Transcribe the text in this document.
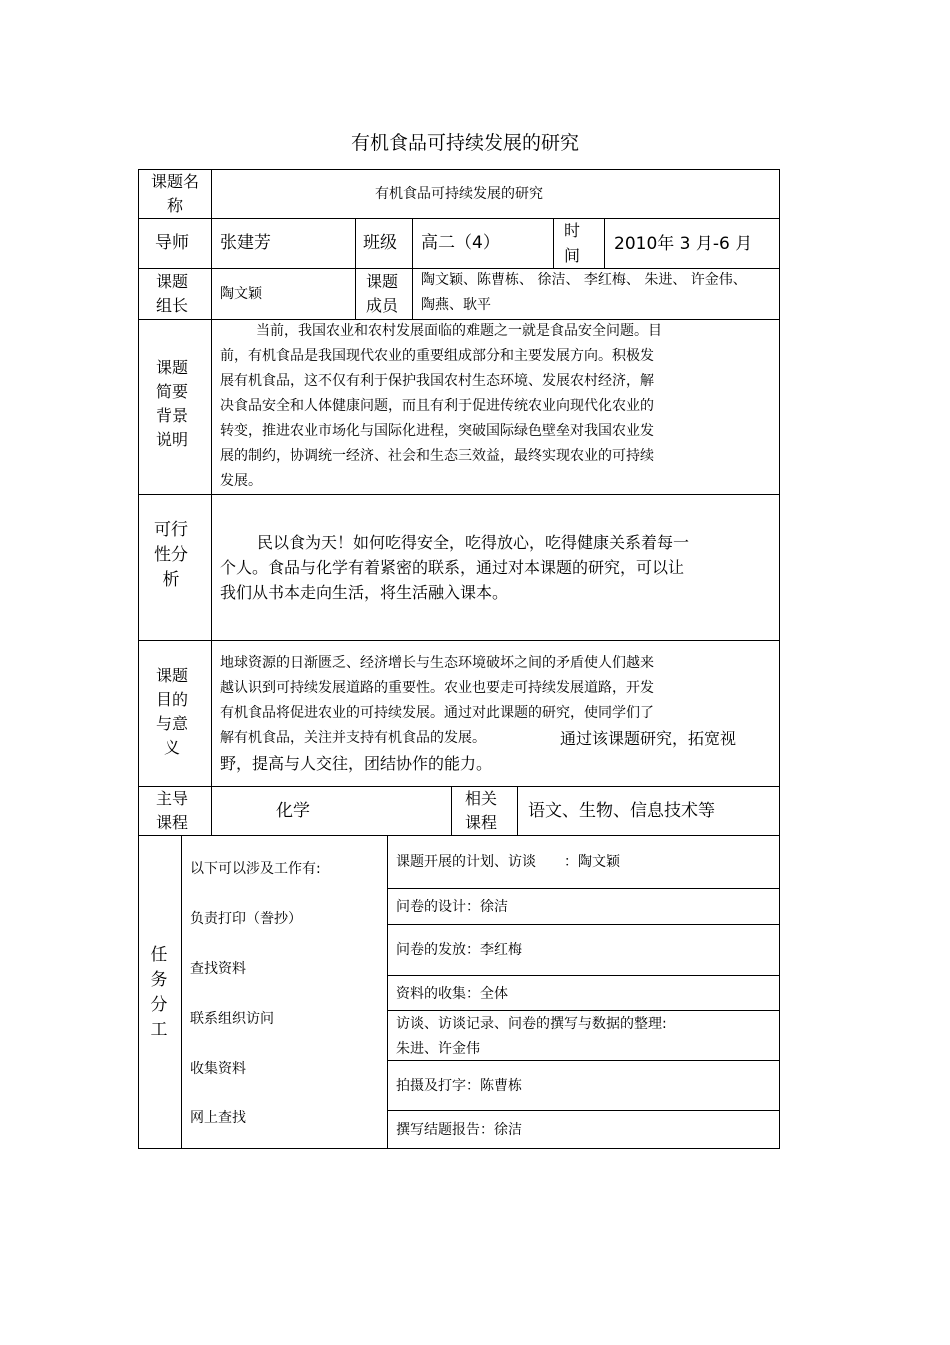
有机食品可持续发展的研究
课题名称
有机食品可持续发展的研究
导师 张建芳	班级 高二（4）
时间
2010年 3 月-6 月
课题组长
陶文颖
课题成员
陶文颖、陈曹栋、 徐洁、 李红梅、 朱进、 许金伟、
陶燕、耿平
课题简要背景说明
当前，我国农业和农村发展面临的难题之一就是食品安全问题。目
前，有机食品是我国现代农业的重要组成部分和主要发展方向。积极发
展有机食品，这不仅有利于保护我国农村生态环境、发展农村经济，解
决食品安全和人体健康问题，而且有利于促进传统农业向现代化农业的
转变，推进农业市场化与国际化进程，突破国际绿色壁垒对我国农业发
展的制约，协调统一经济、社会和生态三效益，最终实现农业的可持续
发展。
可行性分析
民以食为天！如何吃得安全，吃得放心，吃得健康关系着每一
个人。食品与化学有着紧密的联系，通过对本课题的研究，可以让
我们从书本走向生活，将生活融入课本。
课题目的与意义
地球资源的日渐匮乏、经济增长与生态环境破坏之间的矛盾使人们越来
越认识到可持续发展道路的重要性。农业也要走可持续发展道路，开发
有机食品将促进农业的可持续发展。通过对此课题的研究，使同学们了
解有机食品，关注并支持有机食品的发展。	通过该课题研究，拓宽视
野，提高与人交往，团结协作的能力。
主导课程
化学
相关课程
语文、生物、信息技术等
任务分工
以下可以涉及工作有:
负责打印（誊抄）
查找资料
联系组织访问
收集资料
网上查找
课题开展的计划、访谈　　：陶文颖
问卷的设计：徐洁
问卷的发放：李红梅
资料的收集：全体
访谈、访谈记录、问卷的撰写与数据的整理:
朱进、许金伟
拍摄及打字：陈曹栋
撰写结题报告：徐洁
